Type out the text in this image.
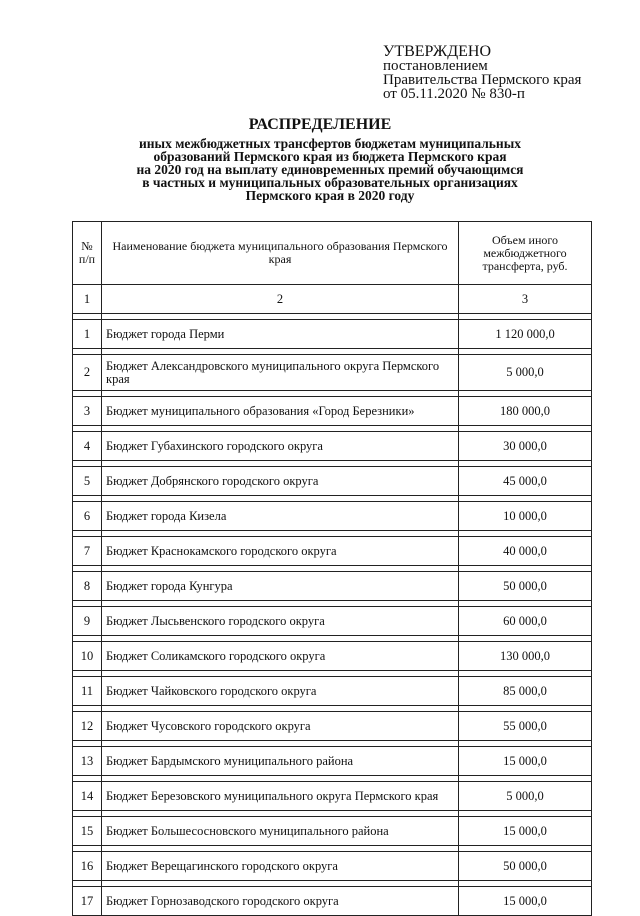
УТВЕРЖДЕНО
постановлением
Правительства Пермского края
от 05.11.2020 № 830-п
РАСПРЕДЕЛЕНИЕ
иных межбюджетных трансфертов бюджетам муниципальных
образований Пермского края из бюджета Пермского края
на 2020 год на выплату единовременных премий обучающимся
в частных и муниципальных образовательных организациях
Пермского края в 2020 году
№ п/п	Наименование бюджета муниципального образования Пермского края	Объем иного межбюджетного трансферта, руб.
1	2	3

1	Бюджет города Перми	1 120 000,0

2	Бюджет Александровского муниципального округа Пермского края	5 000,0

3	Бюджет муниципального образования «Город Березники»	180 000,0

4	Бюджет Губахинского городского округа	30 000,0

5	Бюджет Добрянского городского округа	45 000,0

6	Бюджет города Кизела	10 000,0

7	Бюджет Краснокамского городского округа	40 000,0

8	Бюджет города Кунгура	50 000,0

9	Бюджет Лысьвенского городского округа	60 000,0

10	Бюджет Соликамского городского округа	130 000,0

11	Бюджет Чайковского городского округа	85 000,0

12	Бюджет Чусовского городского округа	55 000,0

13	Бюджет Бардымского муниципального района	15 000,0

14	Бюджет Березовского муниципального округа Пермского края	5 000,0

15	Бюджет Большесосновского муниципального района	15 000,0

16	Бюджет Верещагинского городского округа	50 000,0

17	Бюджет Горнозаводского городского округа	15 000,0
